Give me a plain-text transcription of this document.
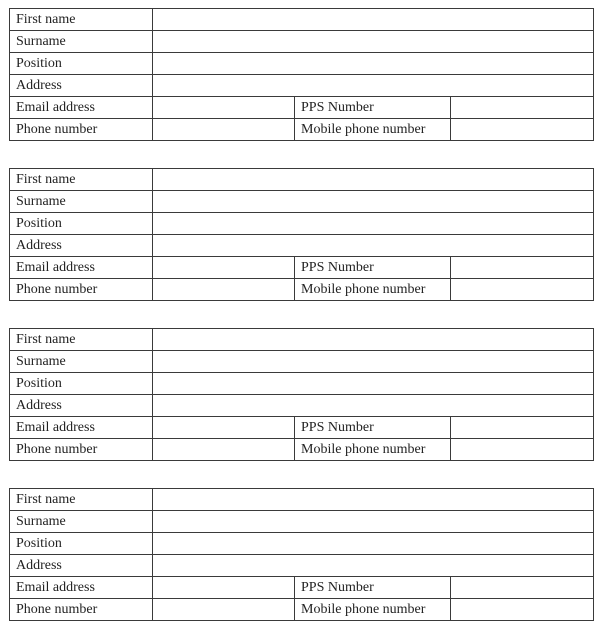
First name			
Surname			
Position			
Address			
Email address		PPS Number	
Phone number		Mobile phone number	
First name			
Surname			
Position			
Address			
Email address		PPS Number	
Phone number		Mobile phone number	
First name			
Surname			
Position			
Address			
Email address		PPS Number	
Phone number		Mobile phone number	
First name			
Surname			
Position			
Address			
Email address		PPS Number	
Phone number		Mobile phone number	
